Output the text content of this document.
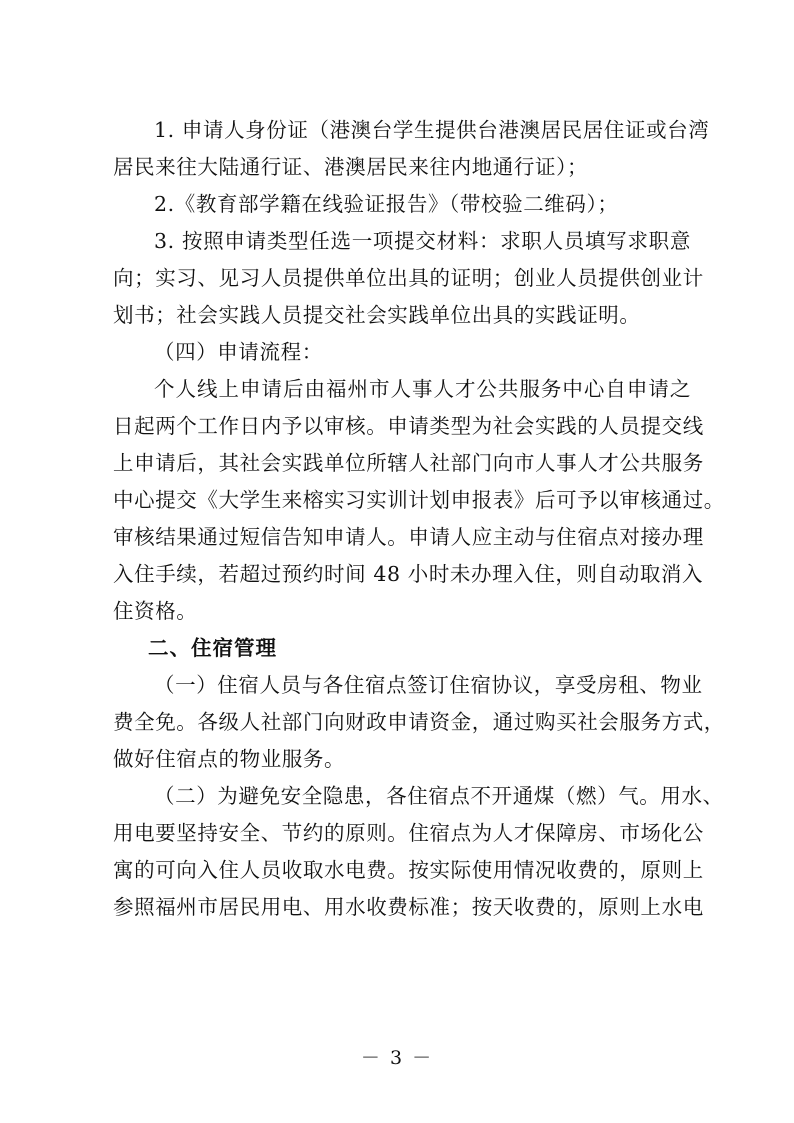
1. 申请人身份证（港澳台学生提供台港澳居民居住证或台湾
居民来往大陆通行证、港澳居民来往内地通行证）；
2.《教育部学籍在线验证报告》（带校验二维码）；
3. 按照申请类型任选一项提交材料：求职人员填写求职意
向；实习、见习人员提供单位出具的证明；创业人员提供创业计
划书；社会实践人员提交社会实践单位出具的实践证明。
（四）申请流程：
个人线上申请后由福州市人事人才公共服务中心自申请之
日起两个工作日内予以审核。申请类型为社会实践的人员提交线
上申请后，其社会实践单位所辖人社部门向市人事人才公共服务
中心提交《大学生来榕实习实训计划申报表》后可予以审核通过。
审核结果通过短信告知申请人。申请人应主动与住宿点对接办理
入住手续，若超过预约时间 48 小时未办理入住，则自动取消入
住资格。
二、住宿管理
（一）住宿人员与各住宿点签订住宿协议，享受房租、物业
费全免。各级人社部门向财政申请资金，通过购买社会服务方式，
做好住宿点的物业服务。
（二）为避免安全隐患，各住宿点不开通煤（燃）气。用水、
用电要坚持安全、节约的原则。住宿点为人才保障房、市场化公
寓的可向入住人员收取水电费。按实际使用情况收费的，原则上
参照福州市居民用电、用水收费标准；按天收费的，原则上水电
－ 3 －
